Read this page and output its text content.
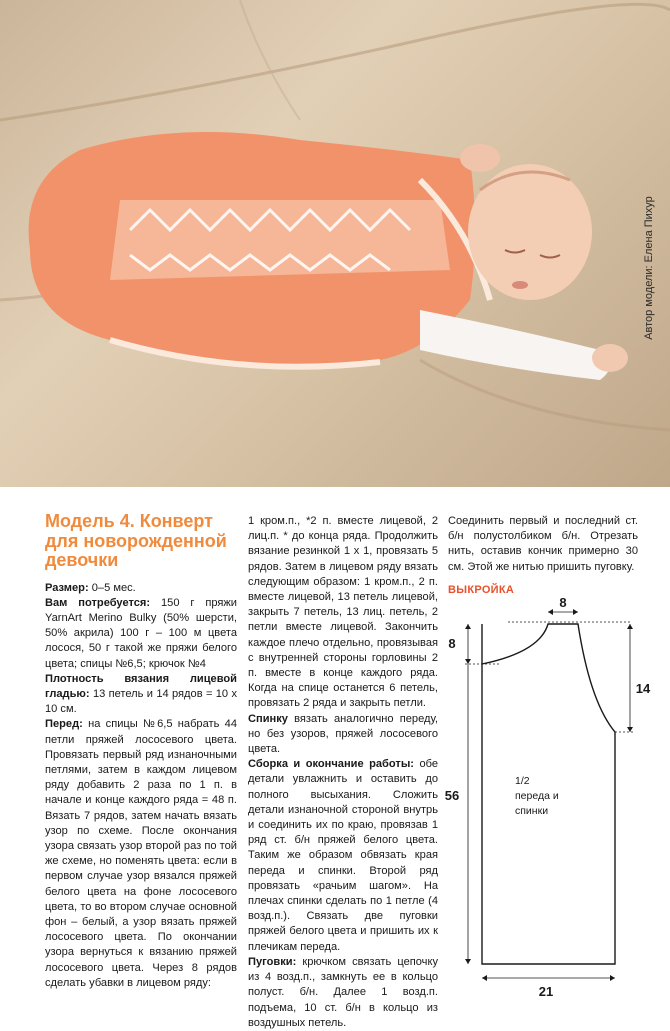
Автор модели: Елена Пихур
Модель 4. Конверт для новорожденной девочки

Размер: 0–5 мес.

Вам потребуется: 150 г пряжи YarnArt Merino Bulky (50% шерсти, 50% акрила) 100 г – 100 м цвета лосося, 50 г такой же пряжи белого цвета; спицы №6,5; крючок №4

Плотность вязания лицевой гладью: 13 петель и 14 рядов = 10 х 10 см.

Перед: на спицы №6,5 набрать 44 петли пряжей лососевого цвета. Провязать первый ряд изнаночными петлями, затем в каждом лицевом ряду добавить 2 раза по 1 п. в начале и конце каждого ряда = 48 п. Вязать 7 рядов, затем начать вязать узор по схеме. После окончания узора связать узор второй раз по той же схеме, но поменять цвета: если в первом случае узор вязался пряжей белого цвета на фоне лососевого цвета, то во втором случае основной фон – белый, а узор вязать пряжей лососевого цвета. По окончании узора вернуться к вязанию пряжей лососевого цвета. Через 8 рядов сделать убавки в лицевом ряду:

1 кром.п., *2 п. вместе лицевой, 2 лиц.п. * до конца ряда. Продолжить вязание резинкой 1 х 1, провязать 5 рядов. Затем в лицевом ряду вязать следующим образом: 1 кром.п., 2 п. вместе лицевой, 13 петель лицевой, закрыть 7 петель, 13 лиц. петель, 2 петли вместе лицевой. Закончить каждое плечо отдельно, провязывая с внутренней стороны горловины 2 п. вместе в конце каждого ряда. Когда на спице останется 6 петель, провязать 2 ряда и закрыть петли.

Спинку вязать аналогично переду, но без узоров, пряжей лососевого цвета.

Сборка и окончание работы: обе детали увлажнить и оставить до полного высыхания. Сложить детали изнаночной стороной внутрь и соединить их по краю, провязав 1 ряд ст. б/н пряжей белого цвета. Таким же образом обвязать края переда и спинки. Второй ряд провязать «рачьим шагом». На плечах спинки сделать по 1 петле (4 возд.п.). Связать две пуговки пряжей белого цвета и пришить их к плечикам переда.

Пуговки: крючком связать цепочку из 4 возд.п., замкнуть ее в кольцо полуст. б/н. Далее 1 возд.п. подъема, 10 ст. б/н в кольцо из воздушных петель.

Соединить первый и последний ст. б/н полустолбиком б/н. Отрезать нить, оставив кончик примерно 30 см. Этой же нитью пришить пуговку.

ВЫКРОЙКА
8
8
14
56
21
1/2
переда и
спинки
